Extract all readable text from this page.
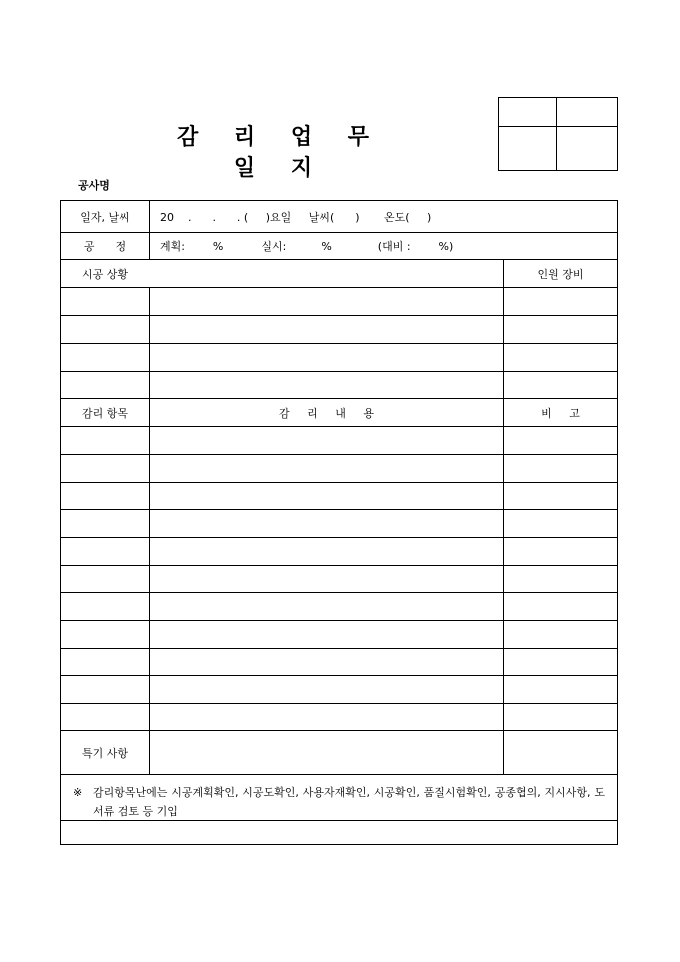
감 리 업 무 일 지
공사명
일자, 날씨	20    .      .      . (     )요일     날씨(      )       온도(     )
공      정	계획:        %	실시:          %	(대비 :        %)
시공 상황	인원 장비
감리 항목	감     리     내     용	비     고
특기 사항
※ 감리항목난에는 시공계획확인, 시공도확인, 사용자재확인, 시공확인, 품질시험확인, 공종협의, 지시사항, 도서류 검토 등 기입
